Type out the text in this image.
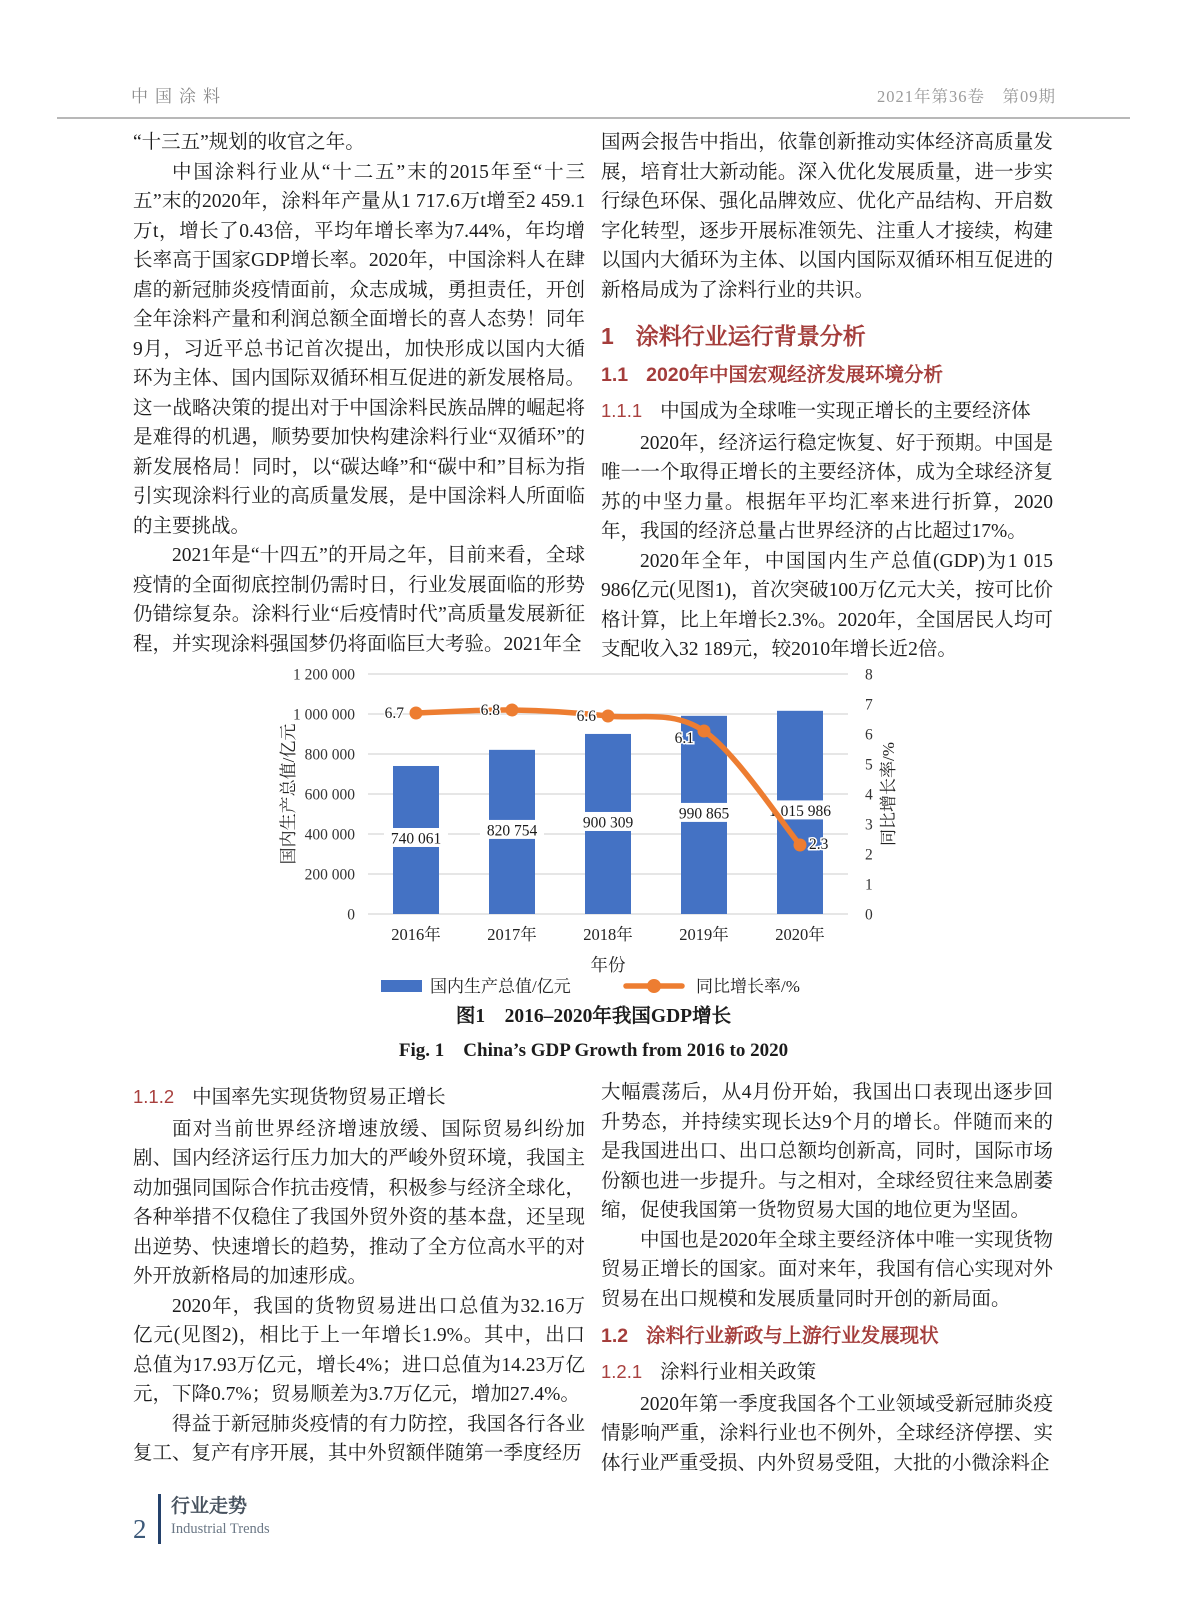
中国涂料	2021年第36卷　第09期

“十三五”规划的收官之年。

中国涂料行业从“十二五”末的2015年至“十三五”末的2020年，涂料年产量从1 717.6万t增至2 459.1万t，增长了0.43倍，平均年增长率为7.44%，年均增长率高于国家GDP增长率。2020年，中国涂料人在肆虐的新冠肺炎疫情面前，众志成城，勇担责任，开创全年涂料产量和利润总额全面增长的喜人态势！同年9月，习近平总书记首次提出，加快形成以国内大循环为主体、国内国际双循环相互促进的新发展格局。这一战略决策的提出对于中国涂料民族品牌的崛起将是难得的机遇，顺势要加快构建涂料行业“双循环”的新发展格局！同时，以“碳达峰”和“碳中和”目标为指引实现涂料行业的高质量发展，是中国涂料人所面临的主要挑战。

2021年是“十四五”的开局之年，目前来看，全球疫情的全面彻底控制仍需时日，行业发展面临的形势仍错综复杂。涂料行业“后疫情时代”高质量发展新征程，并实现涂料强国梦仍将面临巨大考验。2021年全

国两会报告中指出，依靠创新推动实体经济高质量发展，培育壮大新动能。深入优化发展质量，进一步实行绿色环保、强化品牌效应、优化产品结构、开启数字化转型，逐步开展标准领先、注重人才接续，构建以国内大循环为主体、以国内国际双循环相互促进的新格局成为了涂料行业的共识。

1 涂料行业运行背景分析
1.1 2020年中国宏观经济发展环境分析
1.1.1 中国成为全球唯一实现正增长的主要经济体

2020年，经济运行稳定恢复、好于预期。中国是唯一一个取得正增长的主要经济体，成为全球经济复苏的中坚力量。根据年平均汇率来进行折算，2020年，我国的经济总量占世界经济的占比超过17%。

2020年全年，中国国内生产总值(GDP)为1 015 986亿元(见图1)，首次突破100万亿元大关，按可比价格计算，比上年增长2.3%。2020年，全国居民人均可支配收入32 189元，较2010年增长近2倍。

0
200 000
400 000
600 000
800 000
1 000 000
1 200 000
0
1
2
3
4
5
6
7
8
740 061	820 754	900 309
990 865	1 015 986
6.7	6.8	6.6
6.1
2.3
2016年	2017年	2018年	2019年	2020年
年份
国内生产总值/亿元	同比增长率/%
国内生产总值/亿元	同比增长率/%

图1　2016–2020年我国GDP增长

Fig. 1　China’s GDP Growth from 2016 to 2020

1.1.2 中国率先实现货物贸易正增长

面对当前世界经济增速放缓、国际贸易纠纷加剧、国内经济运行压力加大的严峻外贸环境，我国主动加强同国际合作抗击疫情，积极参与经济全球化，各种举措不仅稳住了我国外贸外资的基本盘，还呈现出逆势、快速增长的趋势，推动了全方位高水平的对外开放新格局的加速形成。

2020年，我国的货物贸易进出口总值为32.16万亿元(见图2)，相比于上一年增长1.9%。其中，出口总值为17.93万亿元，增长4%；进口总值为14.23万亿元，下降0.7%；贸易顺差为3.7万亿元，增加27.4%。

得益于新冠肺炎疫情的有力防控，我国各行各业复工、复产有序开展，其中外贸额伴随第一季度经历

大幅震荡后，从4月份开始，我国出口表现出逐步回升势态，并持续实现长达9个月的增长。伴随而来的是我国进出口、出口总额均创新高，同时，国际市场份额也进一步提升。与之相对，全球经贸往来急剧萎缩，促使我国第一货物贸易大国的地位更为坚固。

中国也是2020年全球主要经济体中唯一实现货物贸易正增长的国家。面对来年，我国有信心实现对外贸易在出口规模和发展质量同时开创的新局面。

1.2 涂料行业新政与上游行业发展现状
1.2.1 涂料行业相关政策

2020年第一季度我国各个工业领域受新冠肺炎疫情影响严重，涂料行业也不例外，全球经济停摆、实体行业严重受损、内外贸易受阻，大批的小微涂料企

2
行业走势
Industrial Trends
